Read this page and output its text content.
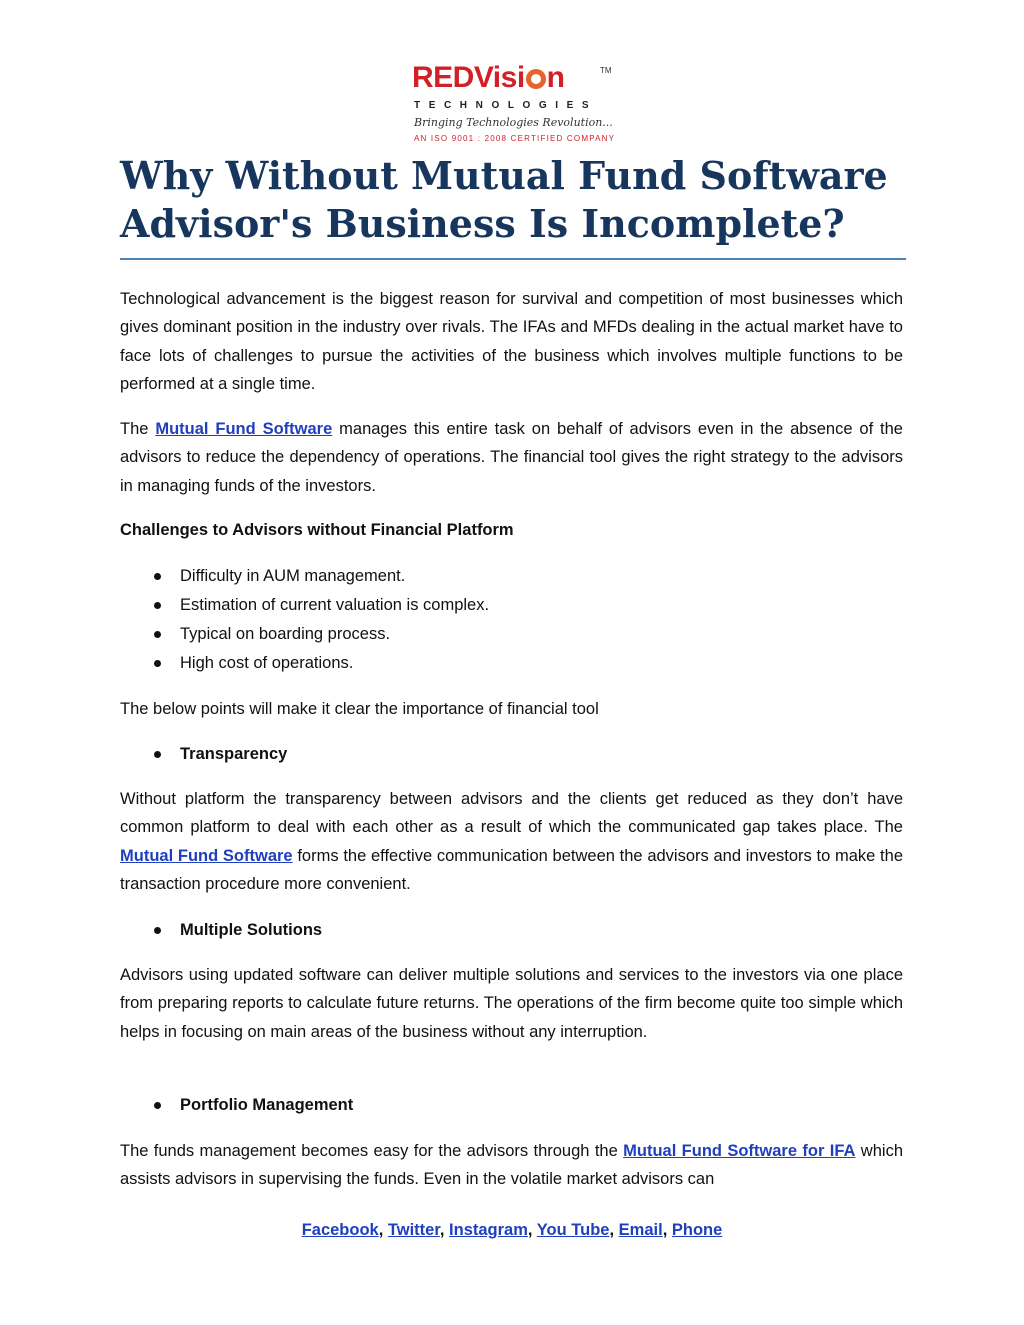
REDVisi n	TM
TECHNOLOGIES
Bringing Technologies Revolution...
AN ISO 9001 : 2008 CERTIFIED COMPANY
Why Without Mutual Fund Software Advisor's Business Is Incomplete?

Technological advancement is the biggest reason for survival and competition of most businesses which gives dominant position in the industry over rivals. The IFAs and MFDs dealing in the actual market have to face lots of challenges to pursue the activities of the business which involves multiple functions to be performed at a single time.

The Mutual Fund Software manages this entire task on behalf of advisors even in the absence of the advisors to reduce the dependency of operations. The financial tool gives the right strategy to the advisors in managing funds of the investors.

Challenges to Advisors without Financial Platform
Difficulty in AUM management.
Estimation of current valuation is complex.
Typical on boarding process.
High cost of operations.

The below points will make it clear the importance of financial tool

Transparency

Without platform the transparency between advisors and the clients get reduced as they don’t have common platform to deal with each other as a result of which the communicated gap takes place. The Mutual Fund Software forms the effective communication between the advisors and investors to make the transaction procedure more convenient.

Multiple Solutions

Advisors using updated software can deliver multiple solutions and services to the investors via one place from preparing reports to calculate future returns. The operations of the firm become quite too simple which helps in focusing on main areas of the business without any interruption.

Portfolio Management

The funds management becomes easy for the advisors through the Mutual Fund Software for IFA which assists advisors in supervising the funds. Even in the volatile market advisors can

Facebook, Twitter, Instagram, You Tube, Email, Phone
